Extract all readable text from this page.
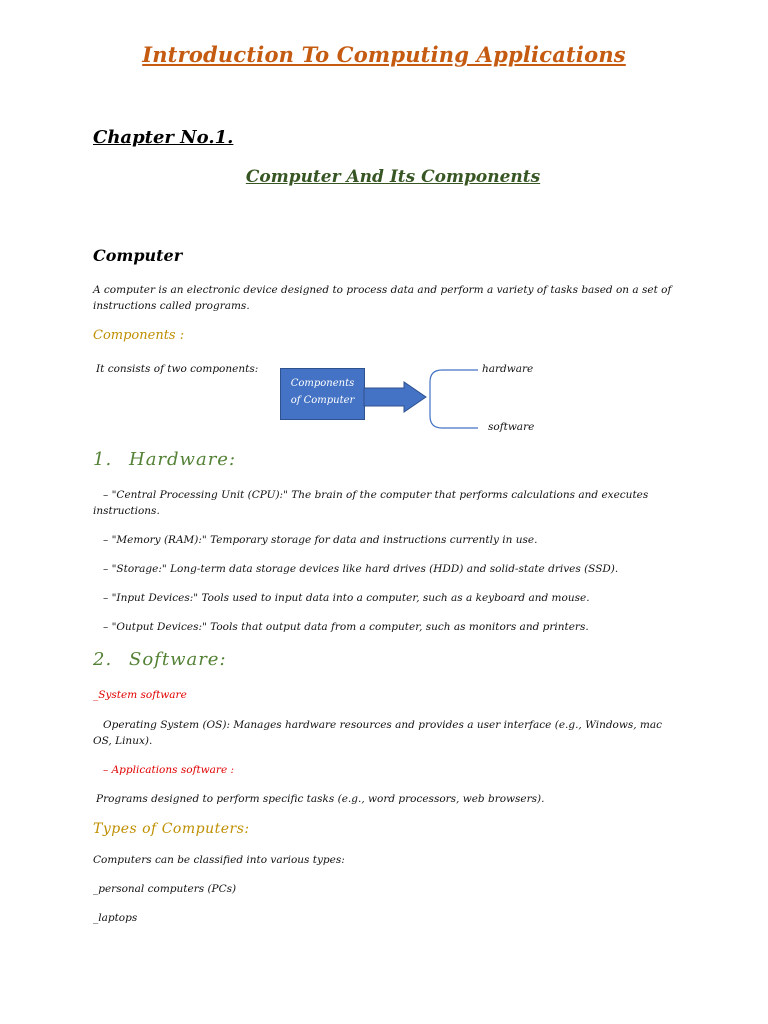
Introduction To Computing Applications
Chapter No.1.
Computer And Its Components
Computer
A computer is an electronic device designed to process data and perform a variety of tasks based on a set of
instructions called programs.
Components :
It consists of two components:
Components
of Computer
hardware
software
1. Hardware:
– "Central Processing Unit (CPU):" The brain of the computer that performs calculations and executes
instructions.
– "Memory (RAM):" Temporary storage for data and instructions currently in use.
– "Storage:" Long-term data storage devices like hard drives (HDD) and solid-state drives (SSD).
– "Input Devices:" Tools used to input data into a computer, such as a keyboard and mouse.
– "Output Devices:" Tools that output data from a computer, such as monitors and printers.
2. Software:
_System software
Operating System (OS): Manages hardware resources and provides a user interface (e.g., Windows, mac
OS, Linux).
– Applications software :
Programs designed to perform specific tasks (e.g., word processors, web browsers).
Types of Computers:
Computers can be classified into various types:
_personal computers (PCs)
_laptops
